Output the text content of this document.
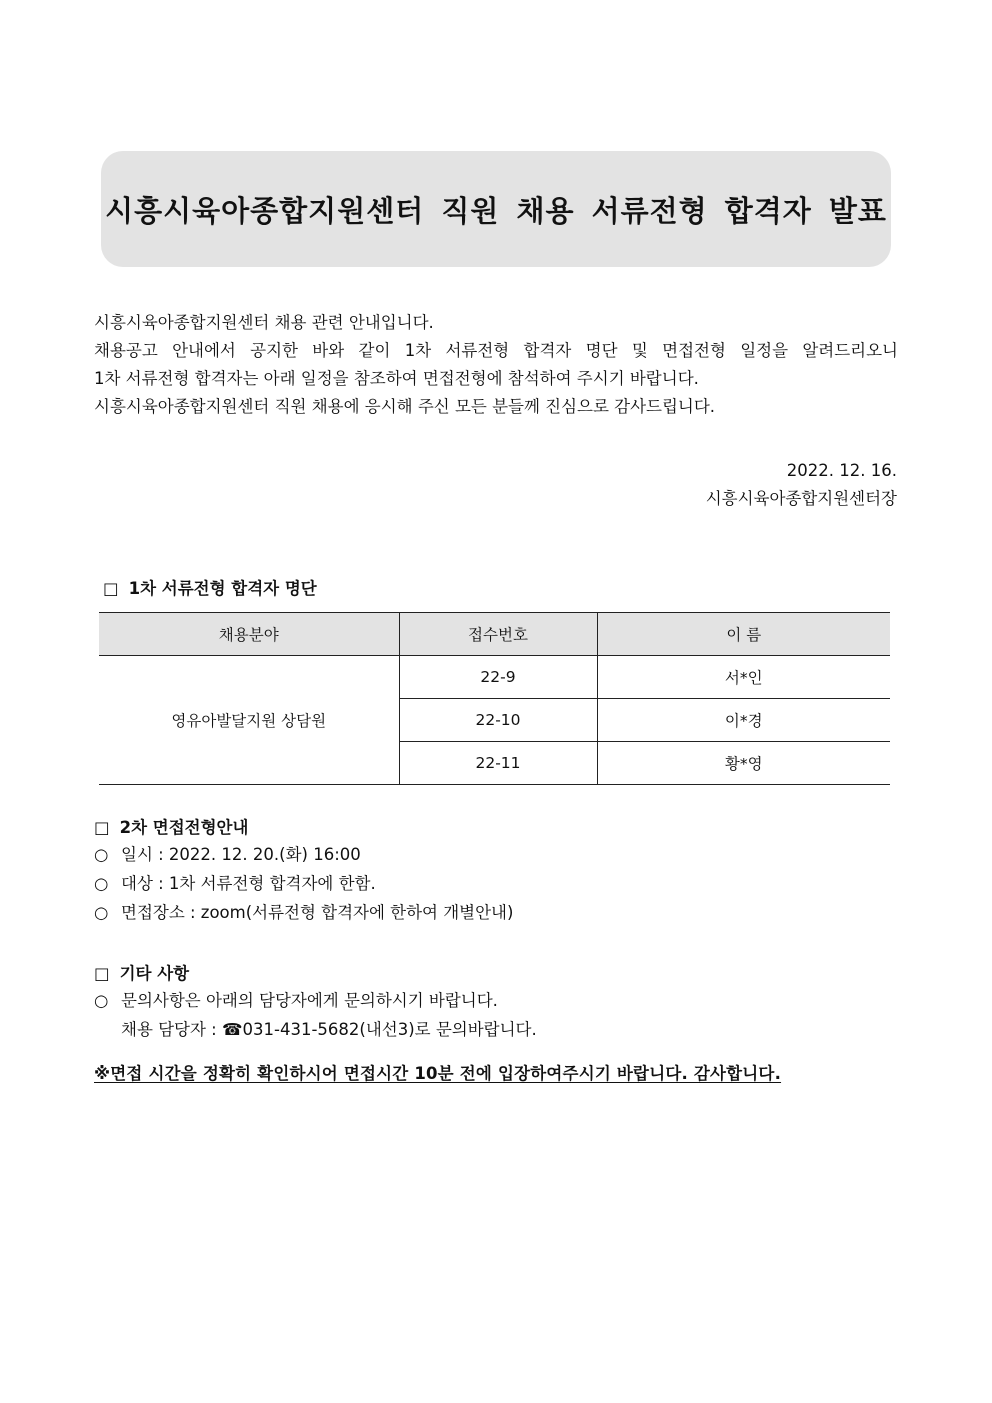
시흥시육아종합지원센터 직원 채용 서류전형 합격자 발표
시흥시육아종합지원센터 채용 관련 안내입니다.
채용공고 안내에서 공지한 바와 같이 1차 서류전형 합격자 명단 및 면접전형 일정을 알려드리오니
1차 서류전형 합격자는 아래 일정을 참조하여 면접전형에 참석하여 주시기 바랍니다.
시흥시육아종합지원센터 직원 채용에 응시해 주신 모든 분들께 진심으로 감사드립니다.
2022. 12. 16.
시흥시육아종합지원센터장
□ 1차 서류전형 합격자 명단
채용분야	접수번호	이 름
영유아발달지원 상담원	22-9	서*인
	22-10	이*경
	22-11	황*영
□ 2차 면접전형안내
○ 일시 : 2022. 12. 20.(화) 16:00
○ 대상 : 1차 서류전형 합격자에 한함.
○ 면접장소 : zoom(서류전형 합격자에 한하여 개별안내)
□ 기타 사항
○ 문의사항은 아래의 담당자에게 문의하시기 바랍니다.
채용 담당자 : ☎031-431-5682(내선3)로 문의바랍니다.
※면접 시간을 정확히 확인하시어 면접시간 10분 전에 입장하여주시기 바랍니다. 감사합니다.
